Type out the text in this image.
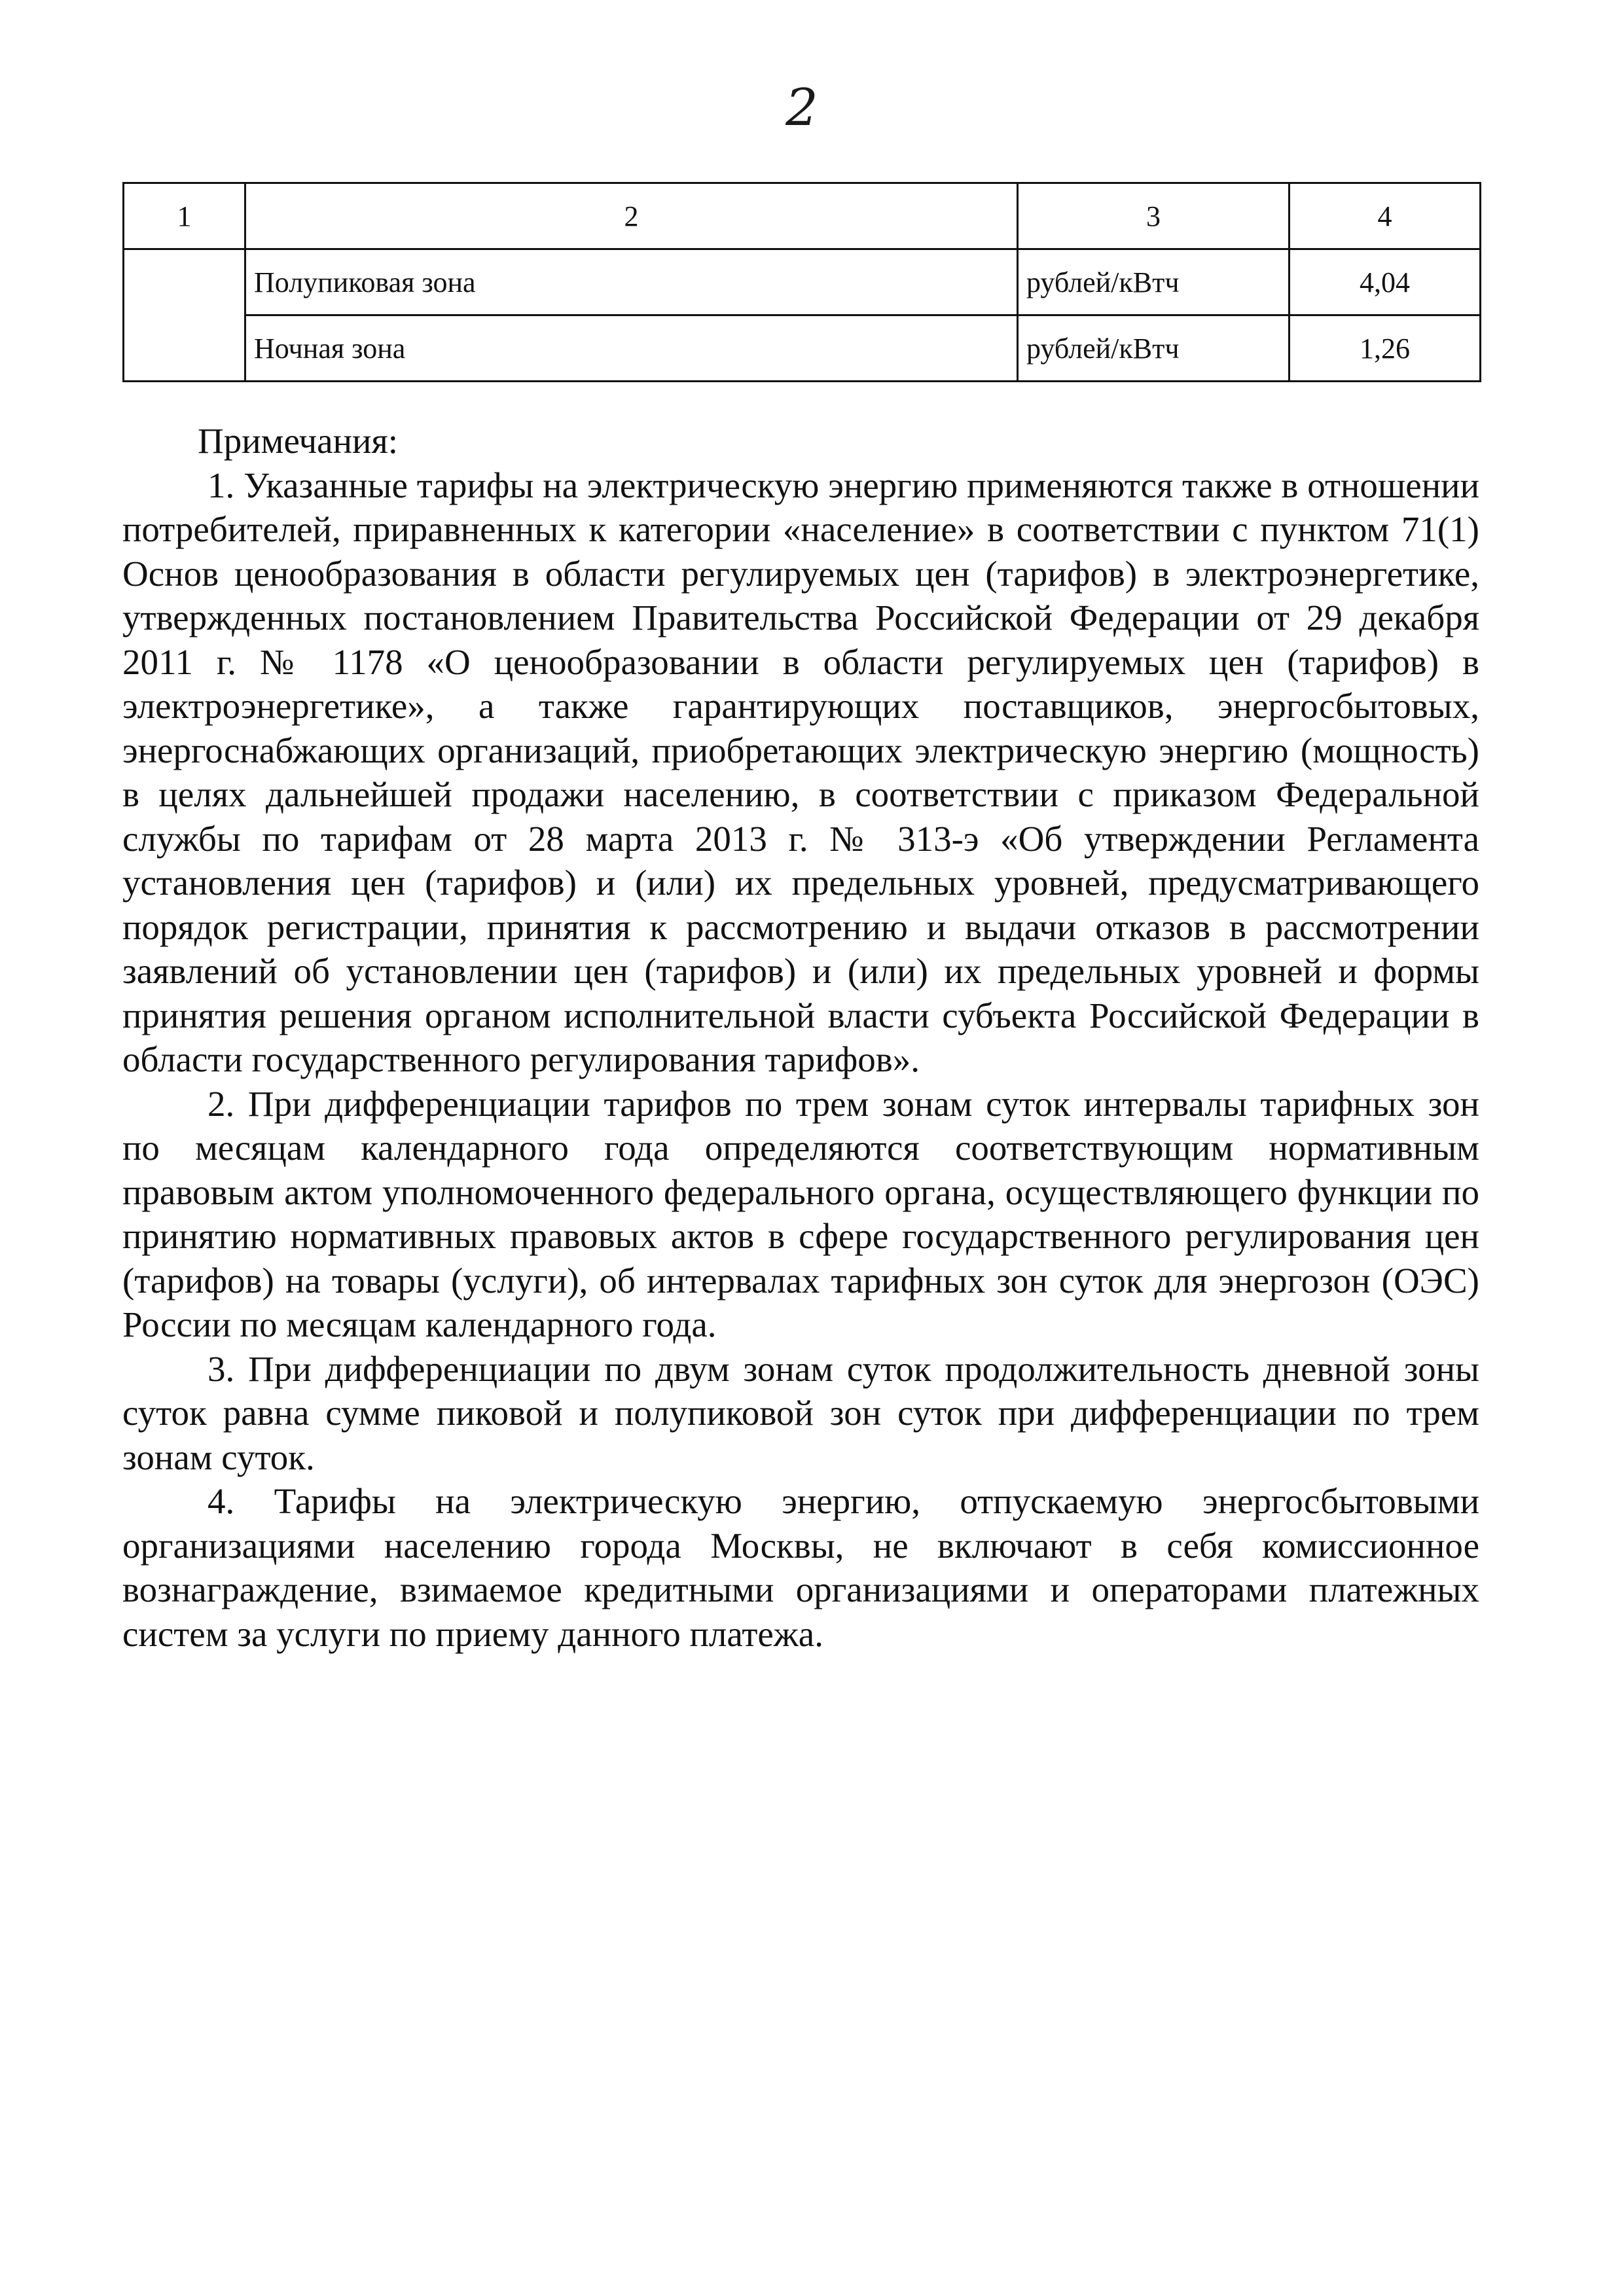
2
1	2	3	4
	Полупиковая зона	рублей/кВтч	4,04
	Ночная зона	рублей/кВтч	1,26

Примечания:

1. Указанные тарифы на электрическую энергию применяются также в отношении потребителей, приравненных к категории «население» в соответствии с пунктом 71(1) Основ ценообразования в области регулируемых цен (тарифов) в электроэнергетике, утвержденных постановлением Правительства Российской Федерации от 29 декабря 2011 г. № 1178 «О ценообразовании в области регулируемых цен (тарифов) в электроэнергетике», а также гарантирующих поставщиков, энергосбытовых, энергоснабжающих организаций, приобретающих электрическую энергию (мощность) в целях дальнейшей продажи населению, в соответствии с приказом Федеральной службы по тарифам от 28 марта 2013 г. № 313-э «Об утверждении Регламента установления цен (тарифов) и (или) их предельных уровней, предусматривающего порядок регистрации, принятия к рассмотрению и выдачи отказов в рассмотрении заявлений об установлении цен (тарифов) и (или) их предельных уровней и формы принятия решения органом исполнительной власти субъекта Российской Федерации в области государственного регулирования тарифов».

2. При дифференциации тарифов по трем зонам суток интервалы тарифных зон по месяцам календарного года определяются соответствующим нормативным правовым актом уполномоченного федерального органа, осуществляющего функции по принятию нормативных правовых актов в сфере государственного регулирования цен (тарифов) на товары (услуги), об интервалах тарифных зон суток для энергозон (ОЭС) России по месяцам календарного года.

3. При дифференциации по двум зонам суток продолжительность дневной зоны суток равна сумме пиковой и полупиковой зон суток при дифференциации по трем зонам суток.

4. Тарифы на электрическую энергию, отпускаемую энергосбытовыми организациями населению города Москвы, не включают в себя комиссионное вознаграждение, взимаемое кредитными организациями и операторами платежных систем за услуги по приему данного платежа.
